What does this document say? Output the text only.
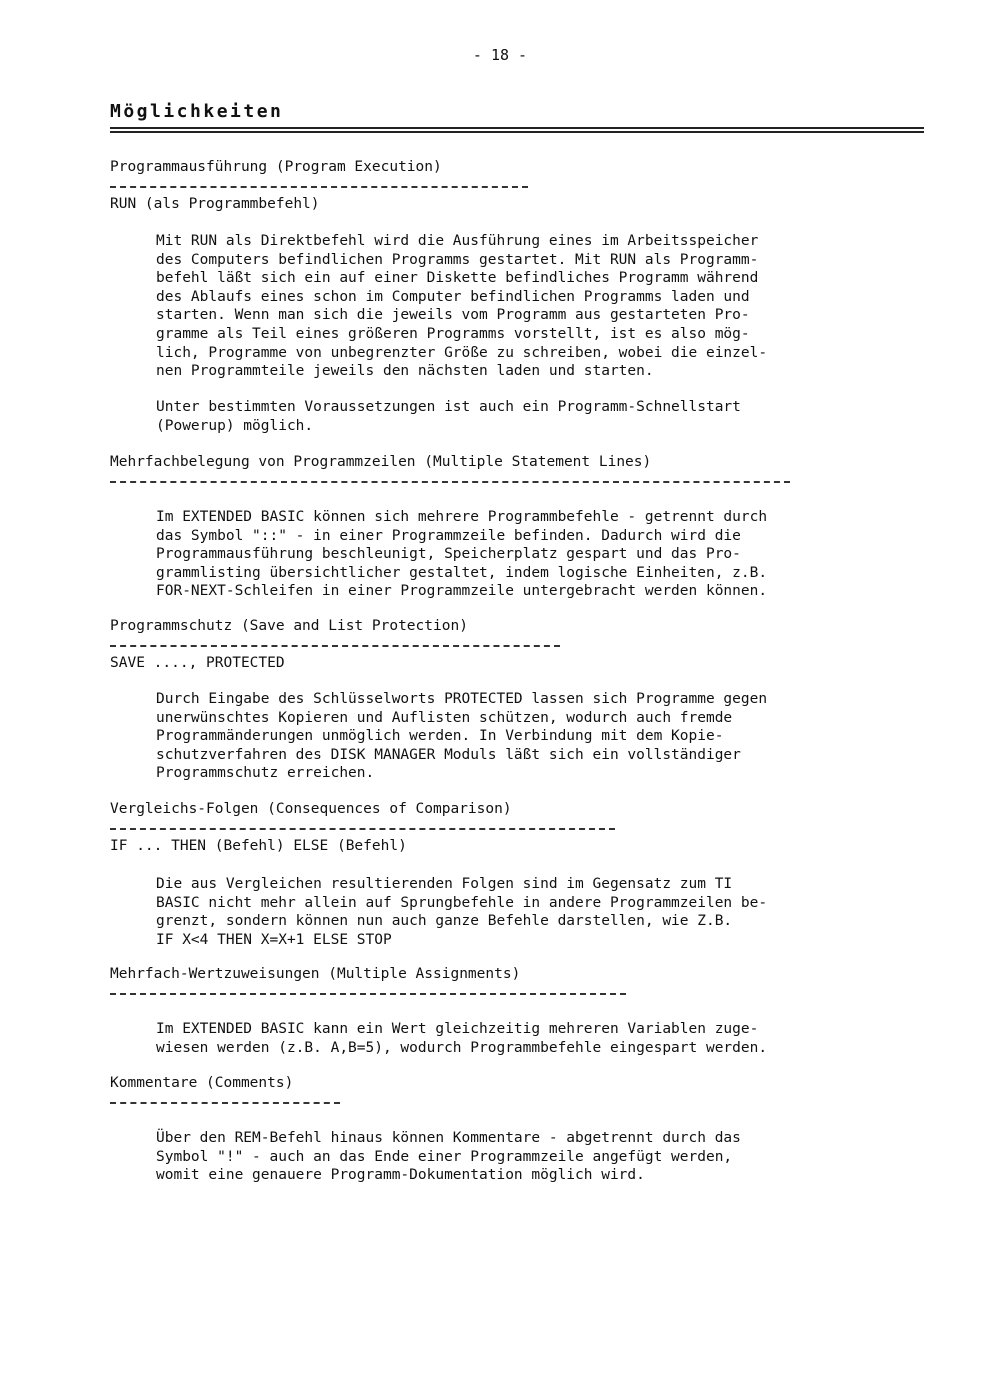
- 18 -
Möglichkeiten
Programmausführung (Program Execution)
RUN (als Programmbefehl)
Mit RUN als Direktbefehl wird die Ausführung eines im Arbeitsspeicher
des Computers befindlichen Programms gestartet. Mit RUN als Programm-
befehl läßt sich ein auf einer Diskette befindliches Programm während
des Ablaufs eines schon im Computer befindlichen Programms laden und
starten. Wenn man sich die jeweils vom Programm aus gestarteten Pro-
gramme als Teil eines größeren Programms vorstellt, ist es also mög-
lich, Programme von unbegrenzter Größe zu schreiben, wobei die einzel-
nen Programmteile jeweils den nächsten laden und starten.
Unter bestimmten Voraussetzungen ist auch ein Programm-Schnellstart
(Powerup) möglich.
Mehrfachbelegung von Programmzeilen (Multiple Statement Lines)
Im EXTENDED BASIC können sich mehrere Programmbefehle - getrennt durch
das Symbol "::" - in einer Programmzeile befinden. Dadurch wird die
Programmausführung beschleunigt, Speicherplatz gespart und das Pro-
grammlisting übersichtlicher gestaltet, indem logische Einheiten, z.B.
FOR-NEXT-Schleifen in einer Programmzeile untergebracht werden können.
Programmschutz (Save and List Protection)
SAVE ...., PROTECTED
Durch Eingabe des Schlüsselworts PROTECTED lassen sich Programme gegen
unerwünschtes Kopieren und Auflisten schützen, wodurch auch fremde
Programmänderungen unmöglich werden. In Verbindung mit dem Kopie-
schutzverfahren des DISK MANAGER Moduls läßt sich ein vollständiger
Programmschutz erreichen.
Vergleichs-Folgen (Consequences of Comparison)
IF ... THEN (Befehl) ELSE (Befehl)
Die aus Vergleichen resultierenden Folgen sind im Gegensatz zum TI
BASIC nicht mehr allein auf Sprungbefehle in andere Programmzeilen be-
grenzt, sondern können nun auch ganze Befehle darstellen, wie Z.B.
IF X<4 THEN X=X+1 ELSE STOP
Mehrfach-Wertzuweisungen (Multiple Assignments)
Im EXTENDED BASIC kann ein Wert gleichzeitig mehreren Variablen zuge-
wiesen werden (z.B. A,B=5), wodurch Programmbefehle eingespart werden.
Kommentare (Comments)
Über den REM-Befehl hinaus können Kommentare - abgetrennt durch das
Symbol "!" - auch an das Ende einer Programmzeile angefügt werden,
womit eine genauere Programm-Dokumentation möglich wird.
